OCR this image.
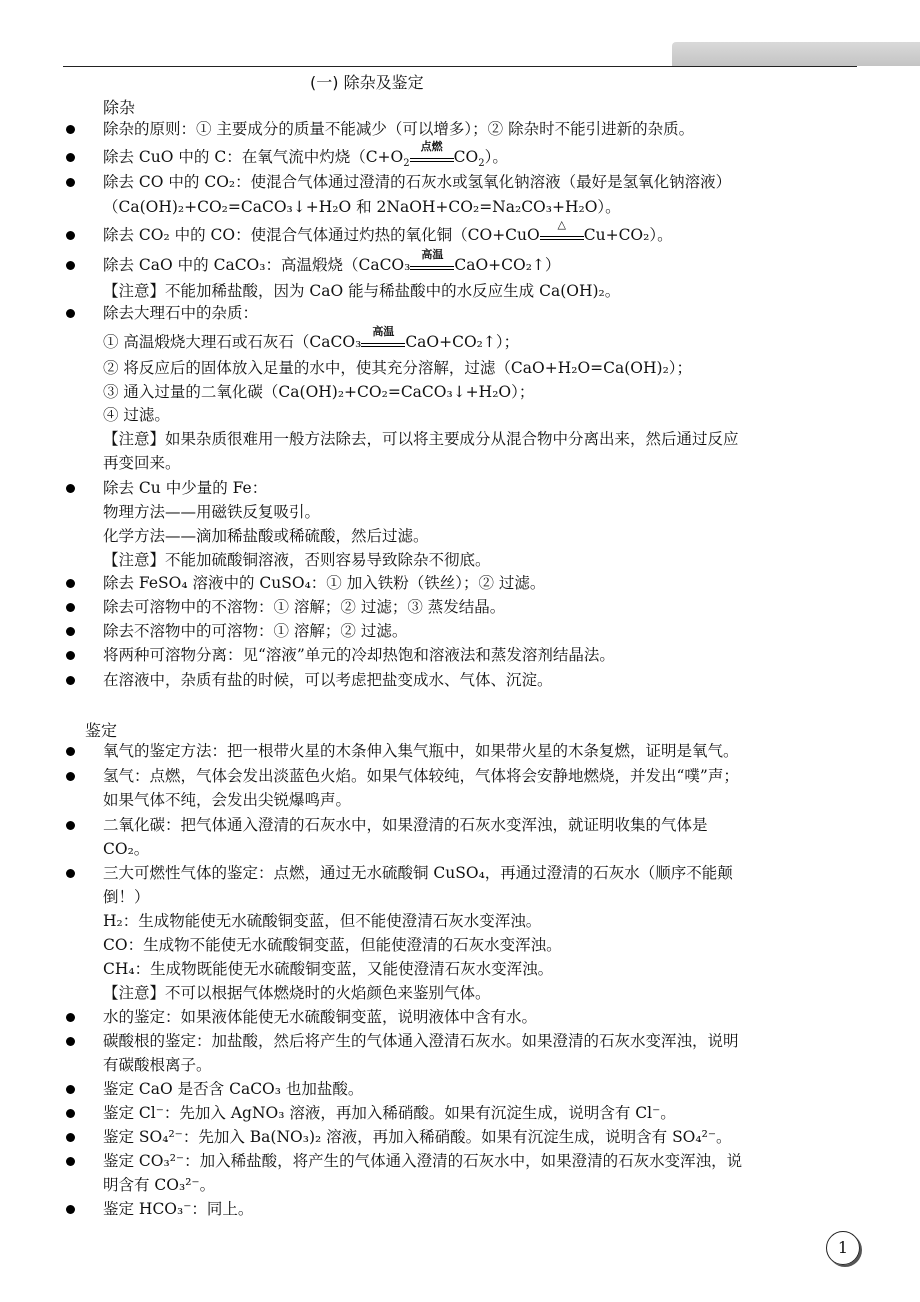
(一) 除杂及鉴定
除杂
除杂的原则：① 主要成分的质量不能减少（可以增多）；② 除杂时不能引进新的杂质。
除去 CuO 中的 C：在氧气流中灼烧（$C+O_2$
点燃
$CO_2$）。
除去 CO 中的 CO₂：使混合气体通过澄清的石灰水或氢氧化钠溶液（最好是氢氧化钠溶液）
（Ca(OH)₂+CO₂=CaCO₃↓+H₂O 和 2NaOH+CO₂=Na₂CO₃+H₂O）。
除去 CO₂ 中的 CO：使混合气体通过灼热的氧化铜（CO+CuO
△
Cu+CO₂）。
除去 CaO 中的 CaCO₃：高温煅烧（CaCO₃
高温
CaO+CO₂↑）
【注意】不能加稀盐酸，因为 CaO 能与稀盐酸中的水反应生成 Ca(OH)₂。
除去大理石中的杂质：
① 高温煅烧大理石或石灰石（CaCO₃
高温
CaO+CO₂↑）；
② 将反应后的固体放入足量的水中，使其充分溶解，过滤（CaO+H₂O=Ca(OH)₂）；
③ 通入过量的二氧化碳（Ca(OH)₂+CO₂=CaCO₃↓+H₂O）；
④ 过滤。
【注意】如果杂质很难用一般方法除去，可以将主要成分从混合物中分离出来，然后通过反应
再变回来。
除去 Cu 中少量的 Fe：
物理方法——用磁铁反复吸引。
化学方法——滴加稀盐酸或稀硫酸，然后过滤。
【注意】不能加硫酸铜溶液，否则容易导致除杂不彻底。
除去 FeSO₄ 溶液中的 CuSO₄：① 加入铁粉（铁丝）；② 过滤。
除去可溶物中的不溶物：① 溶解；② 过滤；③ 蒸发结晶。
除去不溶物中的可溶物：① 溶解；② 过滤。
将两种可溶物分离：见“溶液”单元的冷却热饱和溶液法和蒸发溶剂结晶法。
在溶液中，杂质有盐的时候，可以考虑把盐变成水、气体、沉淀。
鉴定
氧气的鉴定方法：把一根带火星的木条伸入集气瓶中，如果带火星的木条复燃，证明是氧气。
氢气：点燃，气体会发出淡蓝色火焰。如果气体较纯，气体将会安静地燃烧，并发出“噗”声；
如果气体不纯，会发出尖锐爆鸣声。
二氧化碳：把气体通入澄清的石灰水中，如果澄清的石灰水变浑浊，就证明收集的气体是
CO₂。
三大可燃性气体的鉴定：点燃，通过无水硫酸铜 CuSO₄，再通过澄清的石灰水（顺序不能颠
倒！）
H₂：生成物能使无水硫酸铜变蓝，但不能使澄清石灰水变浑浊。
CO：生成物不能使无水硫酸铜变蓝，但能使澄清的石灰水变浑浊。
CH₄：生成物既能使无水硫酸铜变蓝，又能使澄清石灰水变浑浊。
【注意】不可以根据气体燃烧时的火焰颜色来鉴别气体。
水的鉴定：如果液体能使无水硫酸铜变蓝，说明液体中含有水。
碳酸根的鉴定：加盐酸，然后将产生的气体通入澄清石灰水。如果澄清的石灰水变浑浊，说明
有碳酸根离子。
鉴定 CaO 是否含 CaCO₃ 也加盐酸。
鉴定 Cl⁻：先加入 AgNO₃ 溶液，再加入稀硝酸。如果有沉淀生成，说明含有 Cl⁻。
鉴定 SO₄²⁻：先加入 Ba(NO₃)₂ 溶液，再加入稀硝酸。如果有沉淀生成，说明含有 SO₄²⁻。
鉴定 CO₃²⁻：加入稀盐酸，将产生的气体通入澄清的石灰水中，如果澄清的石灰水变浑浊，说
明含有 CO₃²⁻。
鉴定 HCO₃⁻：同上。
1
